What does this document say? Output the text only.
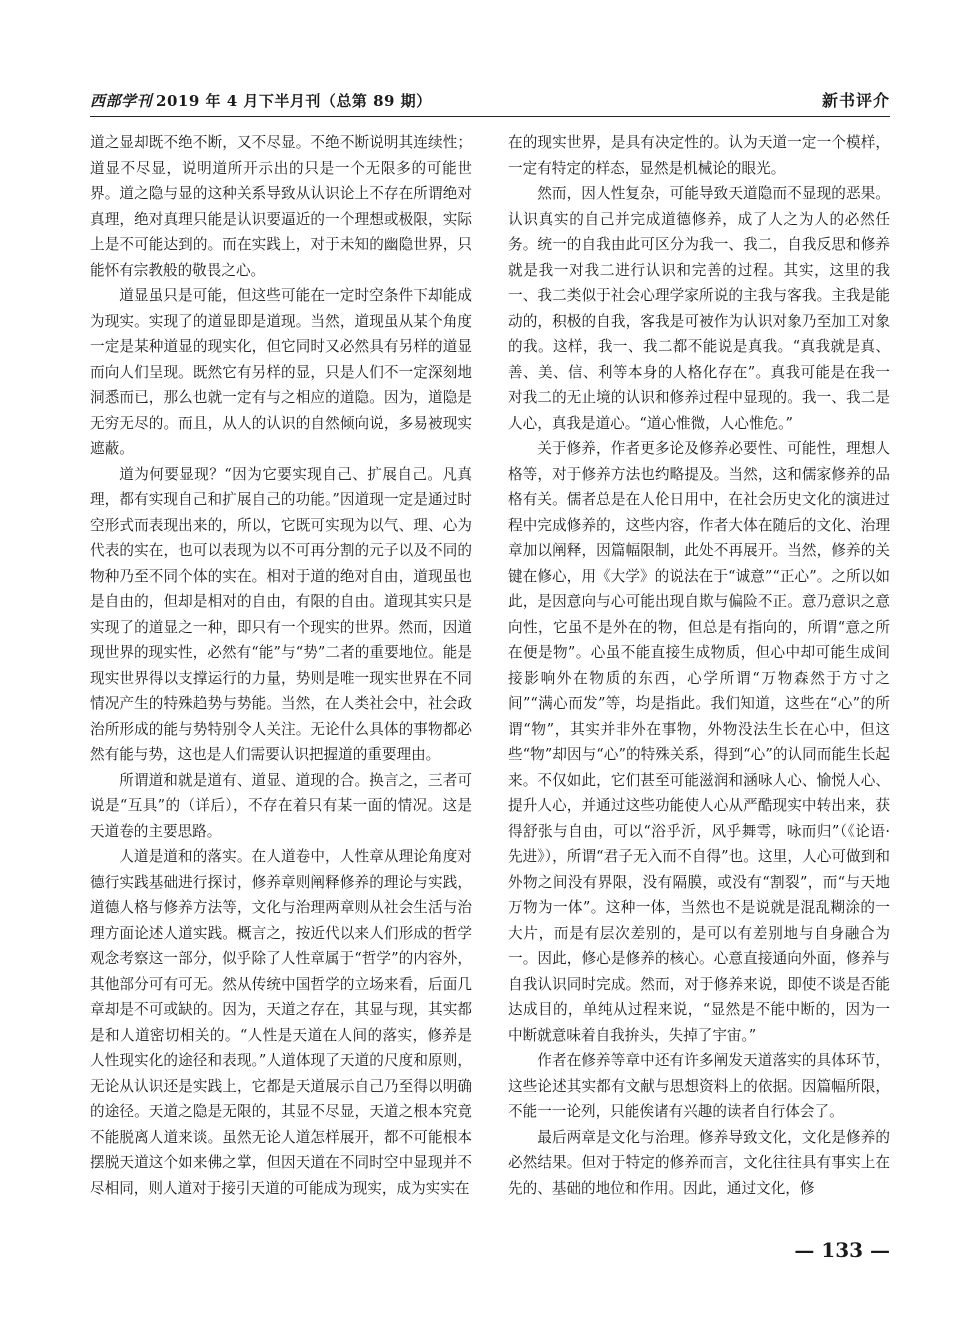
西部学刊 2019 年 4 月下半月刊（总第 89 期）	新书评介

道之显却既不绝不断，又不尽显。不绝不断说明其连续性；道显不尽显，说明道所开示出的只是一个无限多的可能世界。道之隐与显的这种关系导致从认识论上不存在所谓绝对真理，绝对真理只能是认识要逼近的一个理想或极限，实际上是不可能达到的。而在实践上，对于未知的幽隐世界，只能怀有宗教般的敬畏之心。

道显虽只是可能，但这些可能在一定时空条件下却能成为现实。实现了的道显即是道现。当然，道现虽从某个角度一定是某种道显的现实化，但它同时又必然具有另样的道显而向人们呈现。既然它有另样的显，只是人们不一定深刻地洞悉而已，那么也就一定有与之相应的道隐。因为，道隐是无穷无尽的。而且，从人的认识的自然倾向说，多易被现实遮蔽。

道为何要显现？“因为它要实现自己、扩展自己。凡真理，都有实现自己和扩展自己的功能。”因道现一定是通过时空形式而表现出来的，所以，它既可实现为以气、理、心为代表的实在，也可以表现为以不可再分割的元子以及不同的物种乃至不同个体的实在。相对于道的绝对自由，道现虽也是自由的，但却是相对的自由，有限的自由。道现其实只是实现了的道显之一种，即只有一个现实的世界。然而，因道现世界的现实性，必然有“能”与“势”二者的重要地位。能是现实世界得以支撑运行的力量，势则是唯一现实世界在不同情况产生的特殊趋势与势能。当然，在人类社会中，社会政治所形成的能与势特别令人关注。无论什么具体的事物都必然有能与势，这也是人们需要认识把握道的重要理由。

所谓道和就是道有、道显、道现的合。换言之，三者可说是“互具”的（详后），不存在着只有某一面的情况。这是天道卷的主要思路。

人道是道和的落实。在人道卷中，人性章从理论角度对德行实践基础进行探讨，修养章则阐释修养的理论与实践，道德人格与修养方法等，文化与治理两章则从社会生活与治理方面论述人道实践。概言之，按近代以来人们形成的哲学观念考察这一部分，似乎除了人性章属于“哲学”的内容外，其他部分可有可无。然从传统中国哲学的立场来看，后面几章却是不可或缺的。因为，天道之存在，其显与现，其实都是和人道密切相关的。“人性是天道在人间的落实，修养是人性现实化的途径和表现。”人道体现了天道的尺度和原则，无论从认识还是实践上，它都是天道展示自己乃至得以明确的途径。天道之隐是无限的，其显不尽显，天道之根本究竟不能脱离人道来谈。虽然无论人道怎样展开，都不可能根本摆脱天道这个如来佛之掌，但因天道在不同时空中显现并不尽相同，则人道对于接引天道的可能成为现实，成为实实在

在的现实世界，是具有决定性的。认为天道一定一个模样，一定有特定的样态，显然是机械论的眼光。

然而，因人性复杂，可能导致天道隐而不显现的恶果。认识真实的自己并完成道德修养，成了人之为人的必然任务。统一的自我由此可区分为我一、我二，自我反思和修养就是我一对我二进行认识和完善的过程。其实，这里的我一、我二类似于社会心理学家所说的主我与客我。主我是能动的，积极的自我，客我是可被作为认识对象乃至加工对象的我。这样，我一、我二都不能说是真我。“真我就是真、善、美、信、利等本身的人格化存在”。真我可能是在我一对我二的无止境的认识和修养过程中显现的。我一、我二是人心，真我是道心。“道心惟微，人心惟危。”

关于修养，作者更多论及修养必要性、可能性，理想人格等，对于修养方法也约略提及。当然，这和儒家修养的品格有关。儒者总是在人伦日用中，在社会历史文化的演进过程中完成修养的，这些内容，作者大体在随后的文化、治理章加以阐释，因篇幅限制，此处不再展开。当然，修养的关键在修心，用《大学》的说法在于“诚意”“正心”。之所以如此，是因意向与心可能出现自欺与偏险不正。意乃意识之意向性，它虽不是外在的物，但总是有指向的，所谓“意之所在便是物”。心虽不能直接生成物质，但心中却可能生成间接影响外在物质的东西，心学所谓“万物森然于方寸之间”“满心而发”等，均是指此。我们知道，这些在“心”的所谓“物”，其实并非外在事物，外物没法生长在心中，但这些“物”却因与“心”的特殊关系，得到“心”的认同而能生长起来。不仅如此，它们甚至可能滋润和涵咏人心、愉悦人心、提升人心，并通过这些功能使人心从严酷现实中转出来，获得舒张与自由，可以“浴乎沂，风乎舞雩，咏而归”（《论语·先进》），所谓“君子无入而不自得”也。这里，人心可做到和外物之间没有界限，没有隔膜，或没有“割裂”，而“与天地万物为一体”。这种一体，当然也不是说就是混乱糊涂的一大片，而是有层次差别的，是可以有差别地与自身融合为一。因此，修心是修养的核心。心意直接通向外面，修养与自我认识同时完成。然而，对于修养来说，即使不谈是否能达成目的，单纯从过程来说，“显然是不能中断的，因为一中断就意味着自我拚头，失掉了宇宙。”

作者在修养等章中还有许多阐发天道落实的具体环节，这些论述其实都有文献与思想资料上的依据。因篇幅所限，不能一一论列，只能俟诸有兴趣的读者自行体会了。

最后两章是文化与治理。修养导致文化，文化是修养的必然结果。但对于特定的修养而言，文化往往具有事实上在先的、基础的地位和作用。因此，通过文化，修

— 133 —
